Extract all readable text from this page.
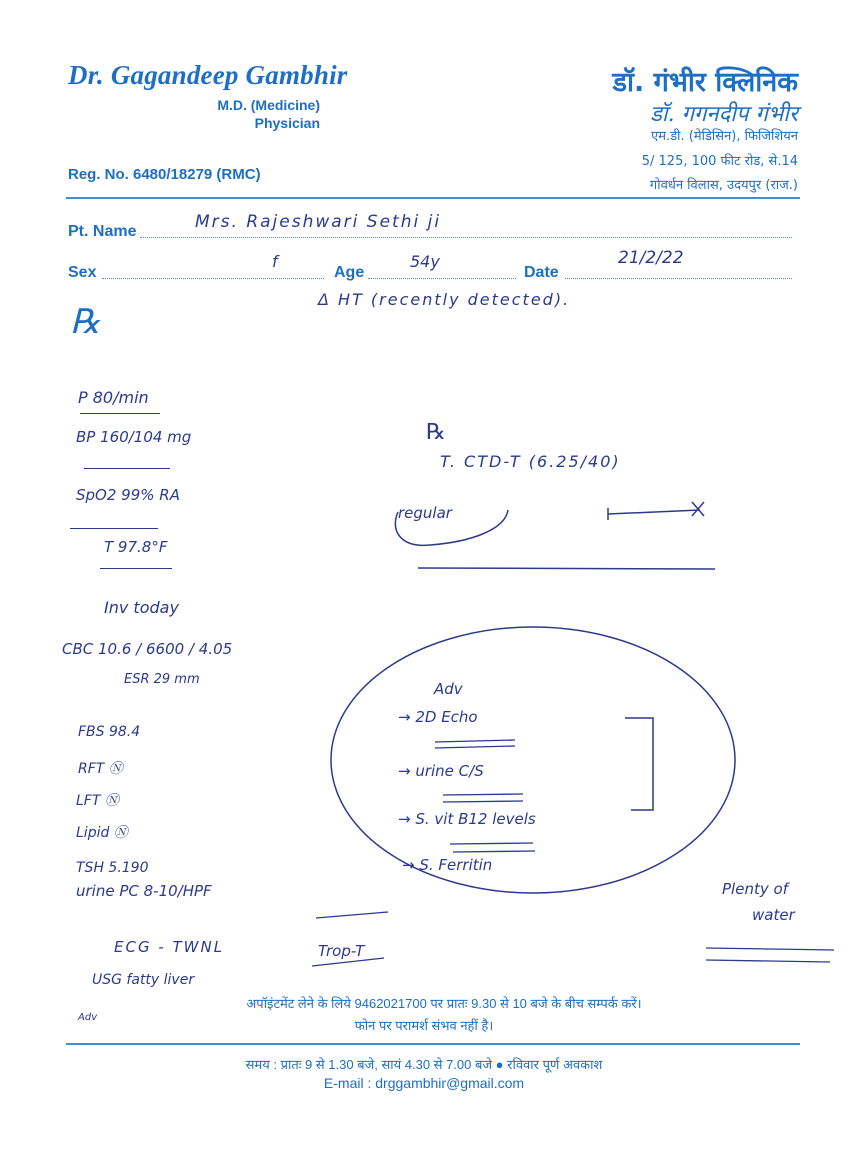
Dr. Gagandeep Gambhir
M.D. (Medicine)
Physician
Reg. No. 6480/18279 (RMC)
डॉ. गंभीर क्लिनिक
डॉ. गगनदीप गंभीर
एम.डी. (मेडिसिन), फिजिशियन
5/ 125, 100 फीट रोड, से.14
गोवर्धन विलास, उदयपुर (राज.)
Pt. Name	Mrs. Rajeshwari Sethi ji
Sex
f
Age
54y
Date
21/2/22
℞
Δ HT (recently detected).
P 80/min
BP 160/104 mg
SpO2 99% RA
T 97.8°F
℞
T. CTD-T (6.25/40)
regular
Inv today
CBC 10.6 / 6600 / 4.05
ESR 29 mm
FBS 98.4
RFT Ⓝ
LFT Ⓝ
Lipid Ⓝ
TSH 5.190
urine PC 8-10/HPF
ECG - TWNL
USG fatty liver
Adv
Trop-T
Adv
→ 2D Echo
→ urine C/S
→ S. vit B12 levels
→ S. Ferritin
Plenty of
water
अपॉइंटमेंट लेने के लिये 9462021700 पर प्रातः 9.30 से 10 बजे के बीच सम्पर्क करें।
फोन पर परामर्श संभव नहीं है।
समय : प्रातः 9 से 1.30 बजे, सायं 4.30 से 7.00 बजे ● रविवार पूर्ण अवकाश
E-mail : drggambhir@gmail.com
